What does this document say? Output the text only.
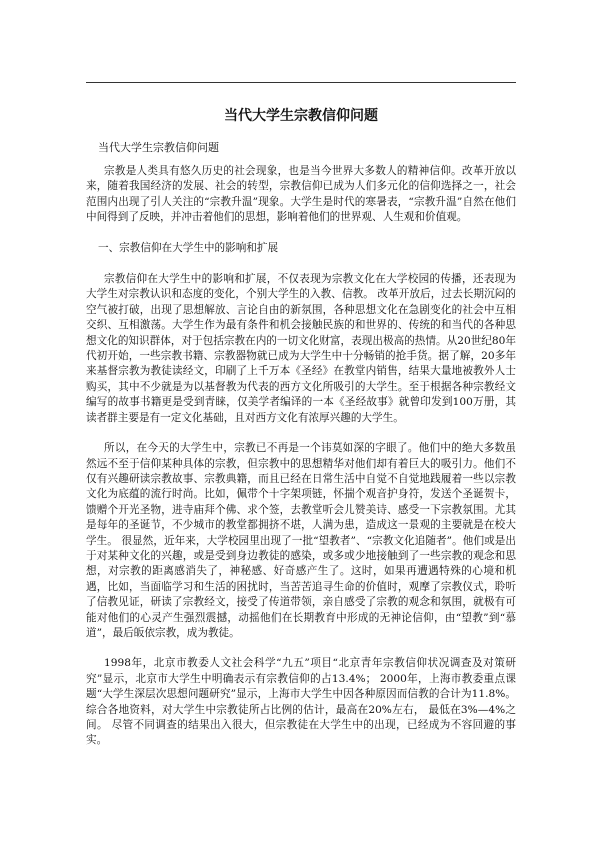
当代大学生宗教信仰问题

当代大学生宗教信仰问题

宗教是人类具有悠久历史的社会现象，也是当今世界大多数人的精神信仰。改革开放以来，随着我国经济的发展、社会的转型，宗教信仰已成为人们多元化的信仰选择之一，社会范围内出现了引人关注的“宗教升温”现象。大学生是时代的寒暑表，“宗教升温”自然在他们中间得到了反映，并冲击着他们的思想，影响着他们的世界观、人生观和价值观。

一、宗教信仰在大学生中的影响和扩展

宗教信仰在大学生中的影响和扩展，不仅表现为宗教文化在大学校园的传播，还表现为大学生对宗教认识和态度的变化，个别大学生的入教、信教。 改革开放后，过去长期沉闷的空气被打破，出现了思想解放、言论自由的新氛围，各种思想文化在急剧变化的社会中互相交织、互相激荡。大学生作为最有条件和机会接触民族的和世界的、传统的和当代的各种思想文化的知识群体，对于包括宗教在内的一切文化财富，表现出极高的热情。从20世纪80年代初开始，一些宗教书籍、宗教器物就已成为大学生中十分畅销的抢手货。据了解，20多年来基督宗教为教徒读经文，印刷了上千万本《圣经》在教堂内销售，结果大量地被教外人士购买，其中不少就是为以基督教为代表的西方文化所吸引的大学生。至于根据各种宗教经文编写的故事书籍更是受到青睐，仅美学者编译的一本《圣经故事》就曾印发到100万册，其读者群主要是有一定文化基础，且对西方文化有浓厚兴趣的大学生。

所以，在今天的大学生中，宗教已不再是一个讳莫如深的字眼了。他们中的绝大多数虽然远不至于信仰某种具体的宗教，但宗教中的思想精华对他们却有着巨大的吸引力。他们不仅有兴趣研读宗教故事、宗教典籍，而且已经在日常生活中自觉不自觉地践履着一些以宗教文化为底蕴的流行时尚。比如，佩带个十字架项链，怀揣个观音护身符，发送个圣诞贺卡，馈赠个开光圣物，进寺庙拜个佛、求个签，去教堂听会儿赞美诗、感受一下宗教氛围。尤其是每年的圣诞节，不少城市的教堂都拥挤不堪，人满为患，造成这一景观的主要就是在校大学生。 很显然，近年来，大学校园里出现了一批“望教者”、“宗教文化追随者”。他们或是出于对某种文化的兴趣，或是受到身边教徒的感染，或多或少地接触到了一些宗教的观念和思想，对宗教的距离感消失了，神秘感、好奇感产生了。这时，如果再遭遇特殊的心境和机遇，比如，当面临学习和生活的困扰时，当苦苦追寻生命的价值时，观摩了宗教仪式，聆听了信教见证，研读了宗教经文，接受了传道带领，亲自感受了宗教的观念和氛围，就极有可能对他们的心灵产生强烈震撼，动摇他们在长期教育中形成的无神论信仰，由“望教”到“慕道”，最后皈依宗教，成为教徒。

1998年，北京市教委人文社会科学“九五”项目“北京青年宗教信仰状况调查及对策研究”显示，北京市大学生中明确表示有宗教信仰的占13.4%； 2000年，上海市教委重点课题“大学生深层次思想问题研究”显示，上海市大学生中因各种原因而信教的合计为11.8%。 综合各地资料，对大学生中宗教徒所占比例的估计，最高在20%左右， 最低在3%—4%之间。 尽管不同调查的结果出入很大，但宗教徒在大学生中的出现，已经成为不容回避的事实。
